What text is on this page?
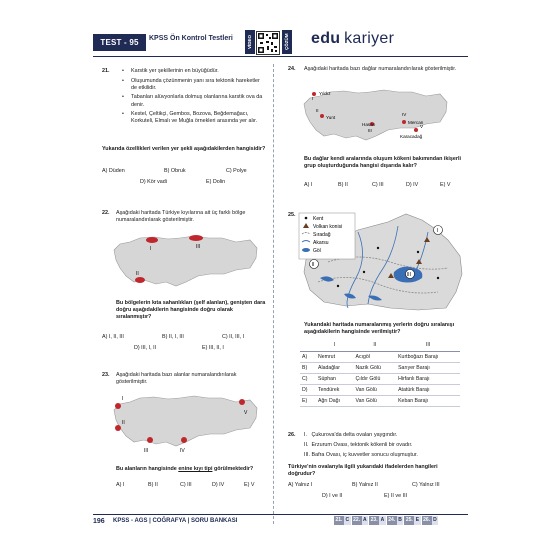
TEST - 95	KPSS Ön Kontrol Testleri	VİDEO	ÇÖZÜM edu kariyer
21. • Karstik yer şekillerinin en büyüğüdür.
• Oluşumunda çözünmenin yanı sıra tektonik hareketler de etkilidir.
• Tabanları alüvyonlarla dolmuş olanlarına karstik ova da denir.
• Kestel, Çeltikçi, Gembos, Bozova, Beğdemağacı, Korkuteli, Elmalı ve Muğla örnekleri arasında yer alır.
Yukarıda özellikleri verilen yer şekli aşağıdakilerden hangisidir?
A) Düden	B) Obruk	C) Polye
D) Kör vadi	E) Dolin
22. Aşağıdaki haritada Türkiye kıyılarına ait üç farklı bölge numaralandırılarak gösterilmiştir.
I
II
III
Bu bölgelerin kıta sahanlıkları (şelf alanları), genişten dara doğru aşağıdakilerin hangisinde doğru olarak sıralanmıştır?
A) I, II, III	B) II, I, III	C) II, III, I
D) III, I, II	E) III, II, I
23. Aşağıdaki haritada bazı alanlar numaralandırılarak gösterilmiştir.
I
II
III	IV
V
Bu alanların hangisinde enine kıyı tipi görülmektedir?
A) I	B) II	C) III	D) IV	E) V
24. Aşağıdaki haritada bazı dağlar numaralandırılarak gösterilmiştir.
Yıldız
I
II
Yunt
III
Hasan
IV
Mercan
V
Karacadağ
Bu dağlar kendi aralarında oluşum kökeni bakımından ikişerli grup oluşturduğunda hangisi dışarıda kalır?
A) I	B) II	C) III	D) IV	E) V
25.
Kent
Volkan konisi
Sıradağ
Akarsu
Göl
I
II
III
Yukarıdaki haritada numaralanmış yerlerin doğru sıralanışı aşağıdakilerin hangisinde verilmiştir?
	I	II	III
A)	Nemrut	Acıgöl	Kurtboğazı Barajı
B)	Aladağlar	Nazik Gölü	Sarıyer Barajı
C)	Süphan	Çıldır Gölü	Hirfanlı Barajı
D)	Tendürek	Van Gölü	Atatürk Barajı
E)	Ağrı Dağı	Van Gölü	Keban Barajı
26. I.   Çukurova'da delta ovaları yaygındır.
II.  Erzurum Ovası, tektonik kökenli bir ovadır.
III. Bafra Ovası, iç kuvvetler sonucu oluşmuştur.
Türkiye'nin ovalarıyla ilgili yukarıdaki ifadelerden hangileri doğrudur?
A) Yalnız I	B) Yalnız II	C) Yalnız III
D) I ve II	E) II ve III
196 KPSS - AGS | COĞRAFYA | SORU BANKASI	21. C 22. A 23. A 24. B 25. E 26. D
